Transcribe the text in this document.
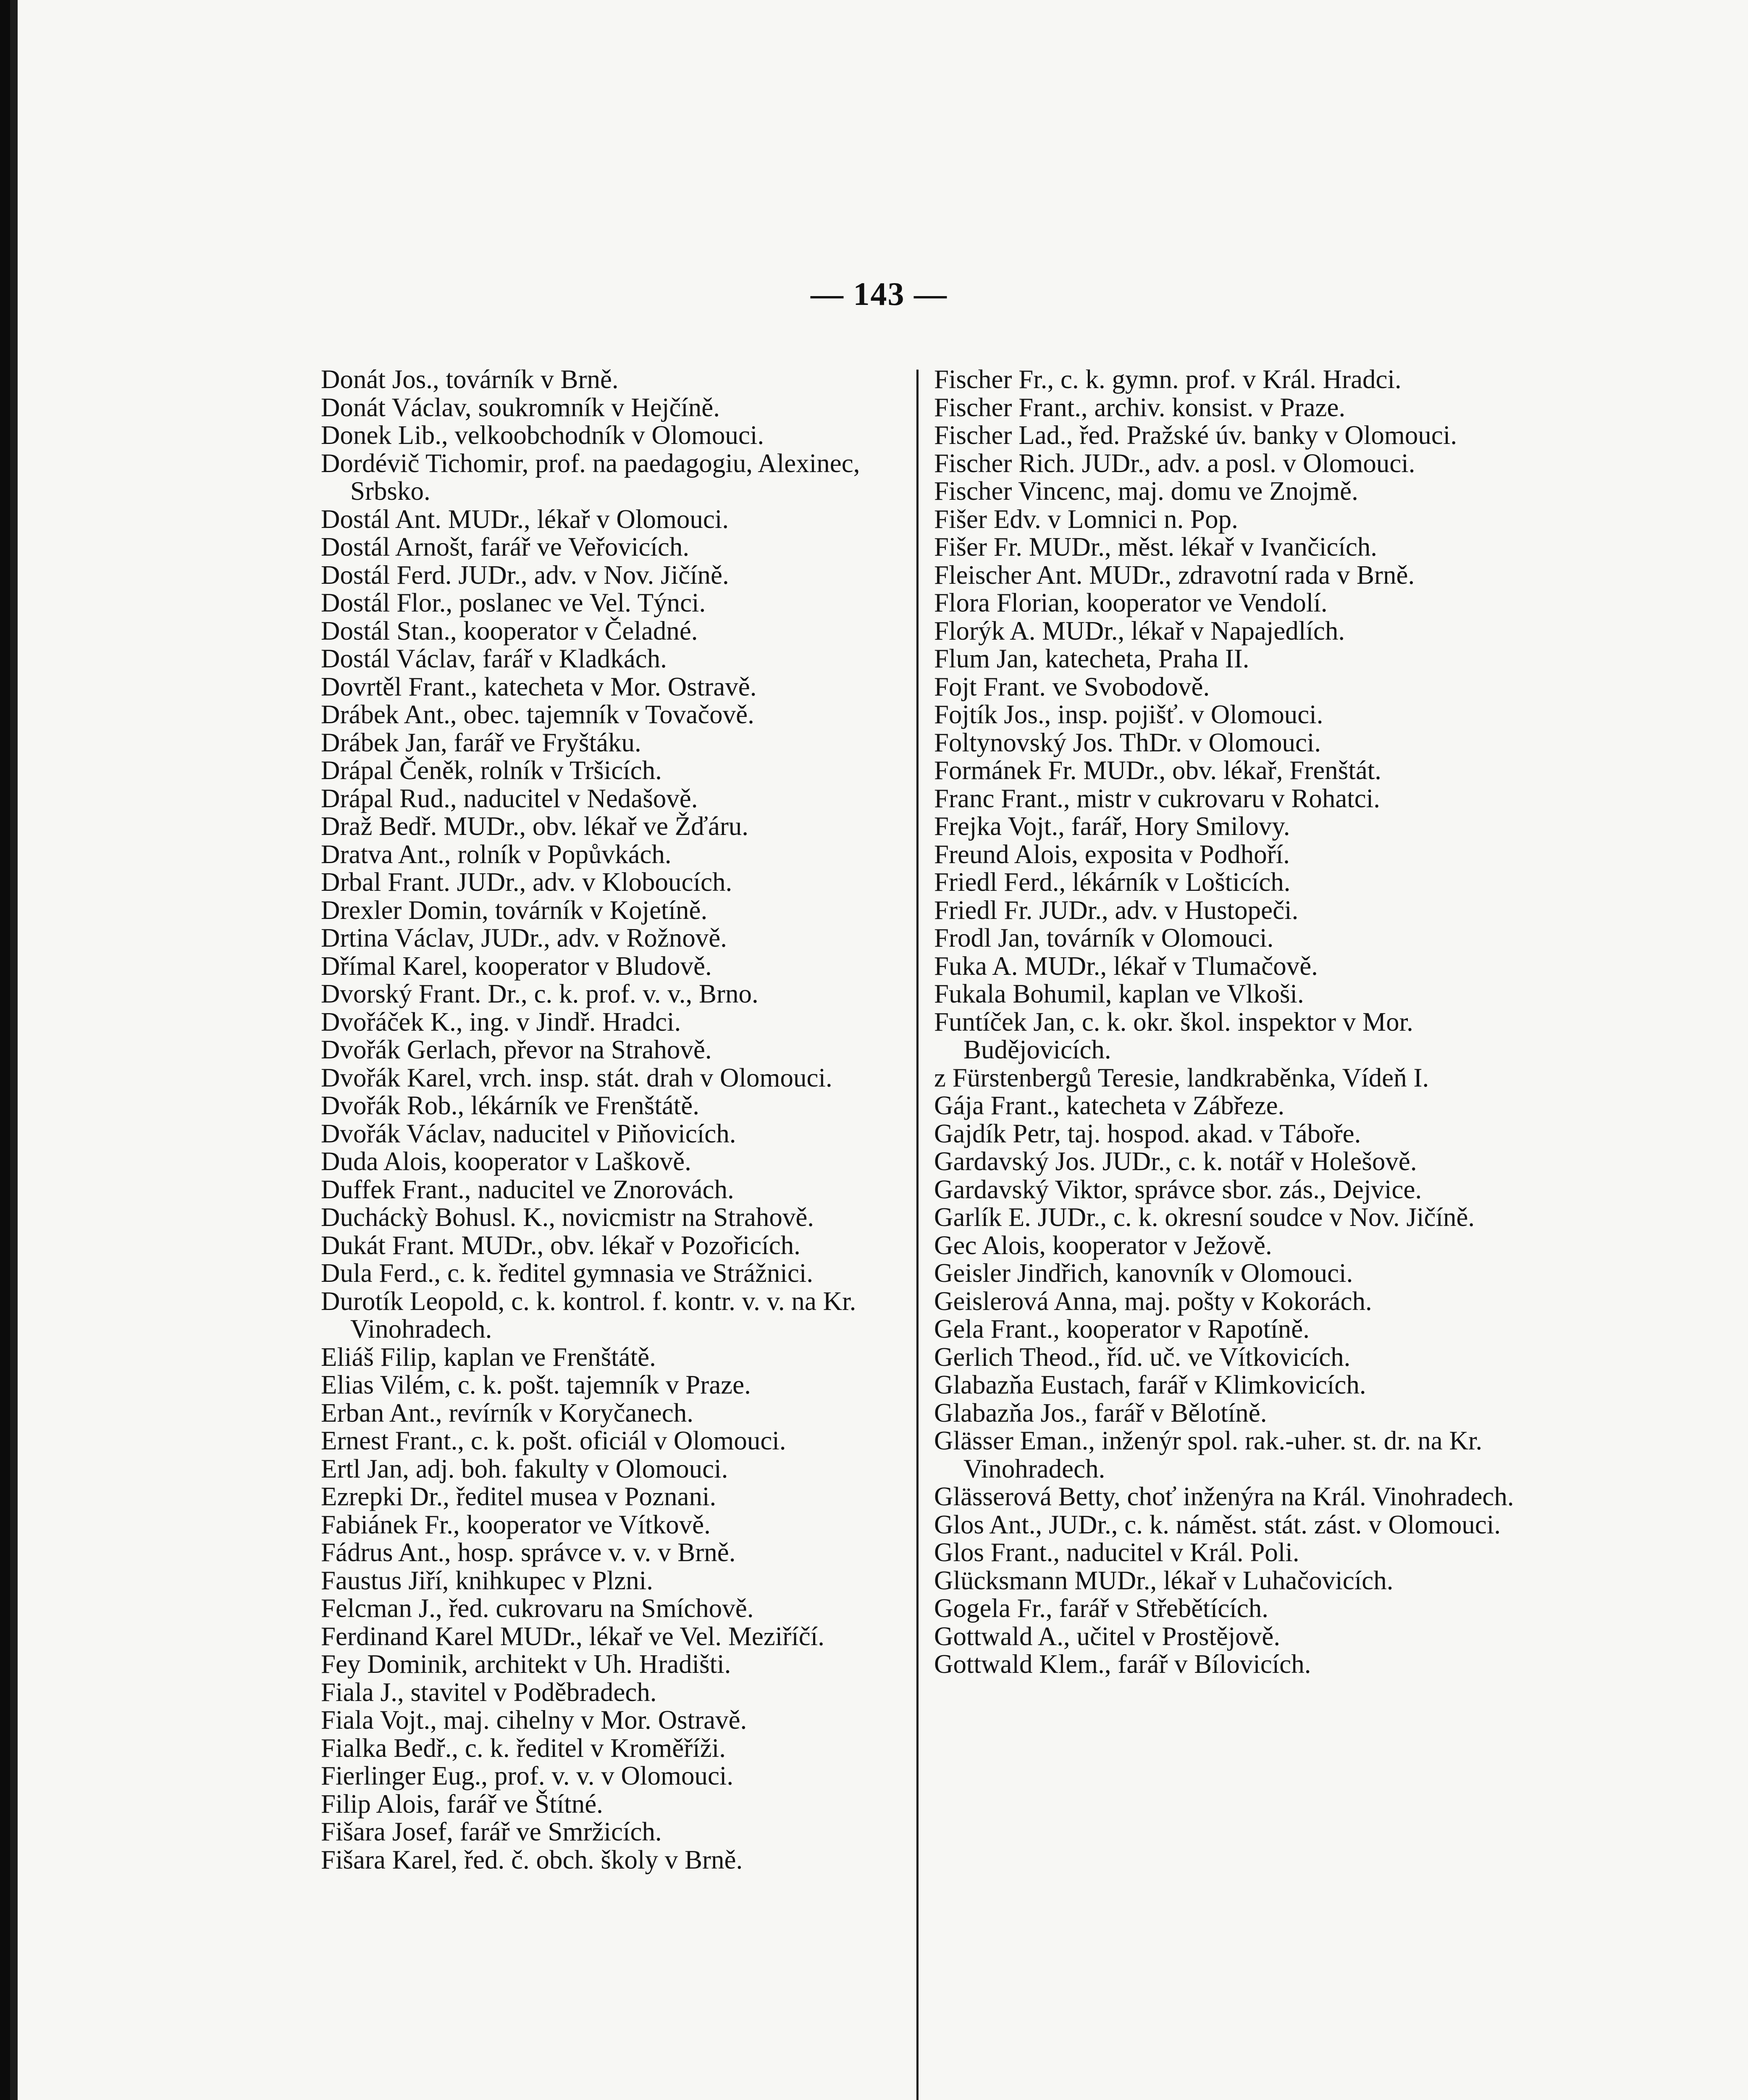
— 143 —

Donát Jos., továrník v Brně.

Donát Václav, soukromník v Hejčíně.

Donek Lib., velkoobchodník v Olomouci.

Dordévič Tichomir, prof. na paedagogiu, Alexinec, Srbsko.

Dostál Ant. MUDr., lékař v Olomouci.

Dostál Arnošt, farář ve Veřovicích.

Dostál Ferd. JUDr., adv. v Nov. Jičíně.

Dostál Flor., poslanec ve Vel. Týnci.

Dostál Stan., kooperator v Čeladné.

Dostál Václav, farář v Kladkách.

Dovrtěl Frant., katecheta v Mor. Ostravě.

Drábek Ant., obec. tajemník v Tovačově.

Drábek Jan, farář ve Fryštáku.

Drápal Čeněk, rolník v Tršicích.

Drápal Rud., naducitel v Nedašově.

Draž Bedř. MUDr., obv. lékař ve Žďáru.

Dratva Ant., rolník v Popůvkách.

Drbal Frant. JUDr., adv. v Kloboucích.

Drexler Domin, továrník v Kojetíně.

Drtina Václav, JUDr., adv. v Rožnově.

Dřímal Karel, kooperator v Bludově.

Dvorský Frant. Dr., c. k. prof. v. v., Brno.

Dvořáček K., ing. v Jindř. Hradci.

Dvořák Gerlach, převor na Strahově.

Dvořák Karel, vrch. insp. stát. drah v Olomouci.

Dvořák Rob., lékárník ve Frenštátě.

Dvořák Václav, naducitel v Piňovicích.

Duda Alois, kooperator v Laškově.

Duffek Frant., naducitel ve Znorovách.

Ducháckỳ Bohusl. K., novicmistr na Strahově.

Dukát Frant. MUDr., obv. lékař v Pozořicích.

Dula Ferd., c. k. ředitel gymnasia ve Strážnici.

Durotík Leopold, c. k. kontrol. f. kontr. v. v. na Kr. Vinohradech.

Eliáš Filip, kaplan ve Frenštátě.

Elias Vilém, c. k. pošt. tajemník v Praze.

Erban Ant., revírník v Koryčanech.

Ernest Frant., c. k. pošt. oficiál v Olomouci.

Ertl Jan, adj. boh. fakulty v Olomouci.

Ezrepki Dr., ředitel musea v Poznani.

Fabiánek Fr., kooperator ve Vítkově.

Fádrus Ant., hosp. správce v. v. v Brně.

Faustus Jiří, knihkupec v Plzni.

Felcman J., řed. cukrovaru na Smíchově.

Ferdinand Karel MUDr., lékař ve Vel. Meziříčí.

Fey Dominik, architekt v Uh. Hradišti.

Fiala J., stavitel v Poděbradech.

Fiala Vojt., maj. cihelny v Mor. Ostravě.

Fialka Bedř., c. k. ředitel v Kroměříži.

Fierlinger Eug., prof. v. v. v Olomouci.

Filip Alois, farář ve Štítné.

Fišara Josef, farář ve Smržicích.

Fišara Karel, řed. č. obch. školy v Brně.

Fischer Fr., c. k. gymn. prof. v Král. Hradci.

Fischer Frant., archiv. konsist. v Praze.

Fischer Lad., řed. Pražské úv. banky v Olomouci.

Fischer Rich. JUDr., adv. a posl. v Olomouci.

Fischer Vincenc, maj. domu ve Znojmě.

Fišer Edv. v Lomnici n. Pop.

Fišer Fr. MUDr., měst. lékař v Ivančicích.

Fleischer Ant. MUDr., zdravotní rada v Brně.

Flora Florian, kooperator ve Vendolí.

Florýk A. MUDr., lékař v Napajedlích.

Flum Jan, katecheta, Praha II.

Fojt Frant. ve Svobodově.

Fojtík Jos., insp. pojišť. v Olomouci.

Foltynovský Jos. ThDr. v Olomouci.

Formánek Fr. MUDr., obv. lékař, Frenštát.

Franc Frant., mistr v cukrovaru v Rohatci.

Frejka Vojt., farář, Hory Smilovy.

Freund Alois, exposita v Podhoří.

Friedl Ferd., lékárník v Lošticích.

Friedl Fr. JUDr., adv. v Hustopeči.

Frodl Jan, továrník v Olomouci.

Fuka A. MUDr., lékař v Tlumačově.

Fukala Bohumil, kaplan ve Vlkoši.

Funtíček Jan, c. k. okr. škol. inspektor v Mor. Budějovicích.

z Fürstenbergů Teresie, landkraběnka, Vídeň I.

Gája Frant., katecheta v Zábřeze.

Gajdík Petr, taj. hospod. akad. v Táboře.

Gardavský Jos. JUDr., c. k. notář v Holešově.

Gardavský Viktor, správce sbor. zás., Dejvice.

Garlík E. JUDr., c. k. okresní soudce v Nov. Jičíně.

Gec Alois, kooperator v Ježově.

Geisler Jindřich, kanovník v Olomouci.

Geislerová Anna, maj. pošty v Kokorách.

Gela Frant., kooperator v Rapotíně.

Gerlich Theod., říd. uč. ve Vítkovicích.

Glabazňa Eustach, farář v Klimkovicích.

Glabazňa Jos., farář v Bělotíně.

Glässer Eman., inženýr spol. rak.-uher. st. dr. na Kr. Vinohradech.

Glässerová Betty, choť inženýra na Král. Vinohradech.

Glos Ant., JUDr., c. k. náměst. stát. zást. v Olomouci.

Glos Frant., naducitel v Král. Poli.

Glücksmann MUDr., lékař v Luhačovicích.

Gogela Fr., farář v Střebětících.

Gottwald A., učitel v Prostějově.

Gottwald Klem., farář v Bílovicích.
